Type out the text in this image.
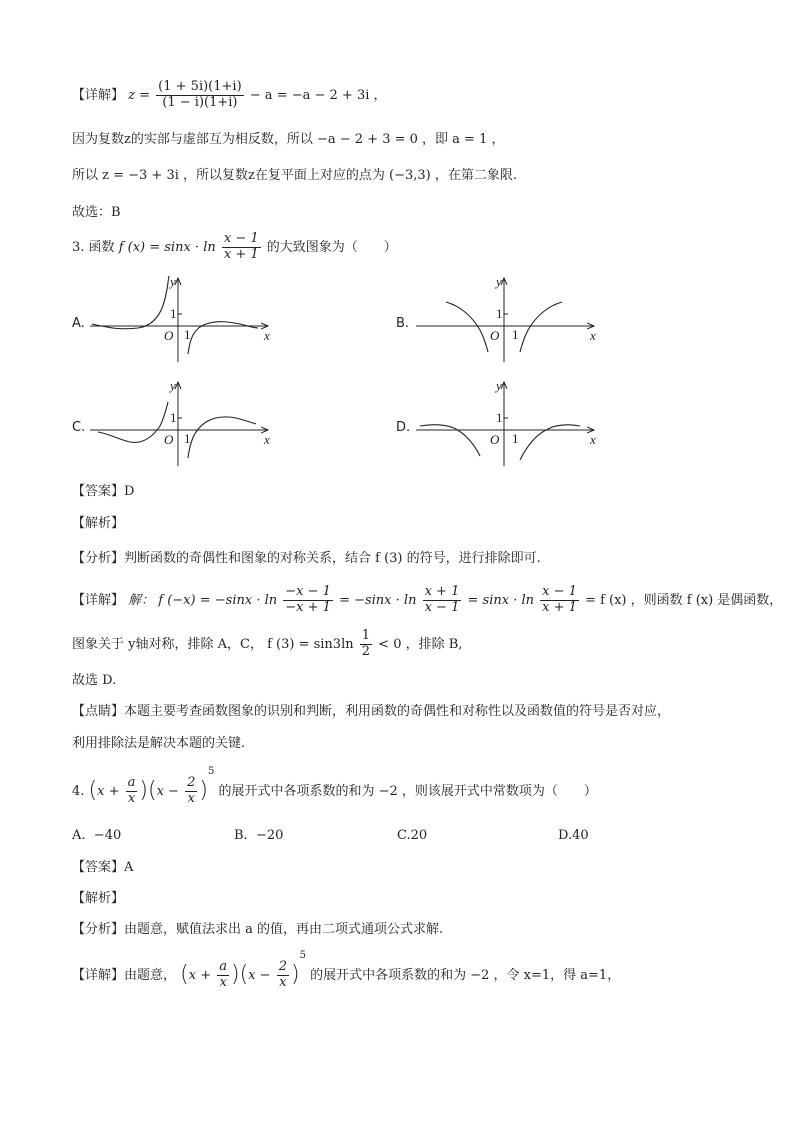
【详解】 $z = \frac{(1 + 5i)(1+i)}{(1 - i)(1+i)} - a = -a - 2 + 3i$ ，
因为复数z的实部与虚部互为相反数，所以 −a − 2 + 3 = 0 ，即 a = 1 ，
所以 z = −3 + 3i ，所以复数z在复平面上对应的点为 (−3,3) ，在第二象限.
故选：B
3. 函数 f $(x) = \sin x \cdot \ln \frac{x - 1}{x + 1}$ 的大致图象为（　　）
A.	B.
C.	D.
y
x
O 1
1
y
x
O 1
1
y
x
O 1
1
y
x
O 1
1
【答案】D
【解析】
【分析】判断函数的奇偶性和图象的对称关系，结合 f (3) 的符号，进行排除即可.
【详解】 解： f $(-x) = -\sin x \cdot \ln \frac{-x - 1}{-x + 1} = -\sin x \cdot \ln \frac{x + 1}{x - 1} = \sin x \cdot \ln \frac{x - 1}{x + 1} = f$ (x) ，则函数 f (x) 是偶函数，
图象关于 y轴对称，排除 A，C， f $(3) = \sin 3\ln \frac{1}{2} < 0$ ，排除 B,
故选 D.
【点睛】本题主要考查函数图象的识别和判断，利用函数的奇偶性和对称性以及函数值的符号是否对应，
利用排除法是解决本题的关键.
4. $(x + \frac{a}{x} )(x - \frac{2}{x} )^5$ 的展开式中各项系数的和为 −2 ，则该展开式中常数项为（　　）
A. −40	B. −20	C.20	D.40
【答案】A
【解析】
【分析】由题意，赋值法求出 a 的值，再由二项式通项公式求解.
【详解】由题意， $(x + \frac{a}{x} )(x - \frac{2}{x} )^5$ 的展开式中各项系数的和为 −2 ，令 x=1，得 a=1，
